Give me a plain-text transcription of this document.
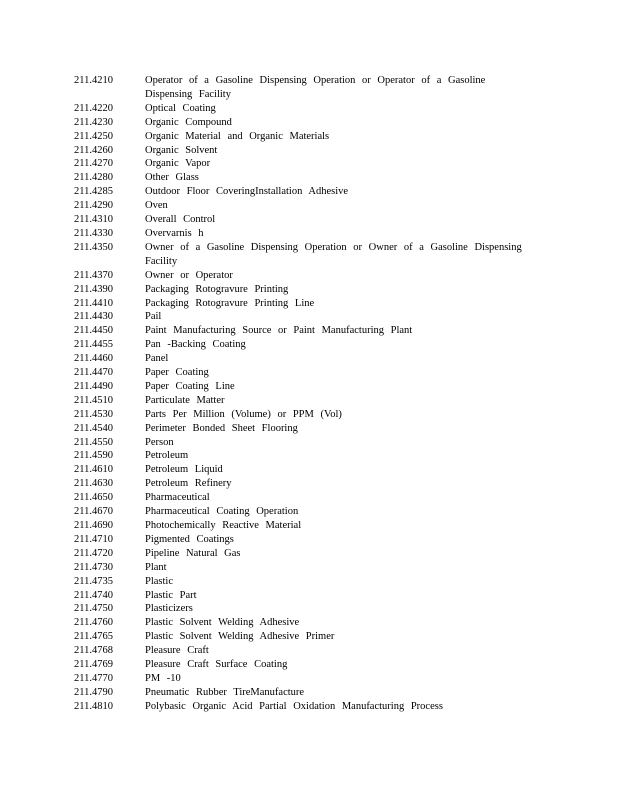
211.4210	Operator of a Gasoline Dispensing Operation or Operator of a Gasoline Dispensing Facility
211.4220	Optical Coating
211.4230	Organic Compound
211.4250	Organic Material and Organic Materials
211.4260	Organic Solvent
211.4270	Organic Vapor
211.4280	Other Glass
211.4285	Outdoor Floor CoveringInstallation Adhesive
211.4290	Oven
211.4310	Overall Control
211.4330	Overvarnis h
211.4350	Owner of a Gasoline Dispensing Operation or Owner of a Gasoline Dispensing Facility
211.4370	Owner or Operator
211.4390	Packaging Rotogravure Printing
211.4410	Packaging Rotogravure Printing Line
211.4430	Pail
211.4450	Paint Manufacturing Source or Paint Manufacturing Plant
211.4455	Pan -Backing Coating
211.4460	Panel
211.4470	Paper Coating
211.4490	Paper Coating Line
211.4510	Particulate Matter
211.4530	Parts Per Million (Volume) or PPM (Vol)
211.4540	Perimeter Bonded Sheet Flooring
211.4550	Person
211.4590	Petroleum
211.4610	Petroleum Liquid
211.4630	Petroleum Refinery
211.4650	Pharmaceutical
211.4670	Pharmaceutical Coating Operation
211.4690	Photochemically Reactive Material
211.4710	Pigmented Coatings
211.4720	Pipeline Natural Gas
211.4730	Plant
211.4735	Plastic
211.4740	Plastic Part
211.4750	Plasticizers
211.4760	Plastic Solvent Welding Adhesive
211.4765	Plastic Solvent Welding Adhesive Primer
211.4768	Pleasure Craft
211.4769	Pleasure Craft Surface Coating
211.4770	PM -10
211.4790	Pneumatic Rubber TireManufacture
211.4810	Polybasic Organic Acid Partial Oxidation Manufacturing Process
